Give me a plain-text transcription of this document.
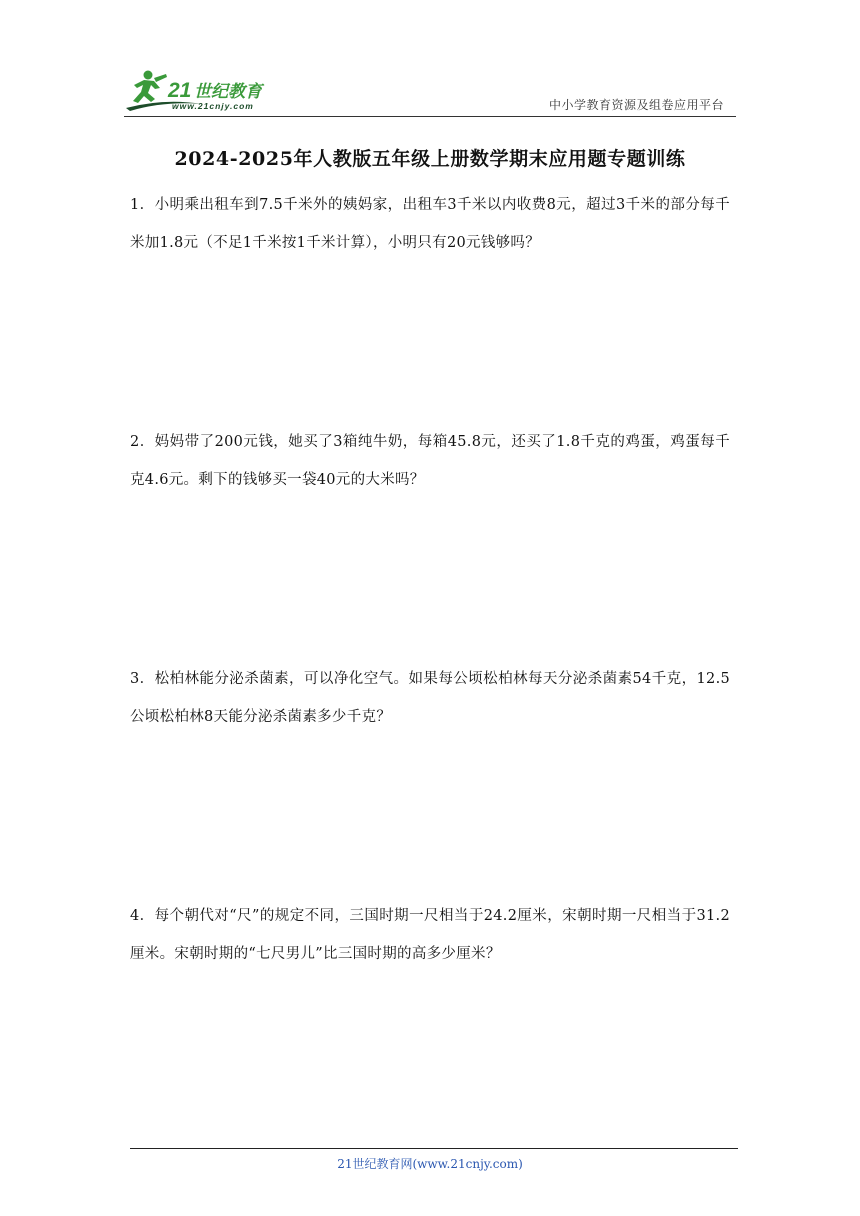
21 世纪教育
www.21cnjy.com	中小学教育资源及组卷应用平台
2024-2025年人教版五年级上册数学期末应用题专题训练
1．小明乘出租车到7.5千米外的姨妈家，出租车3千米以内收费8元，超过3千米的部分每千米加1.8元（不足1千米按1千米计算），小明只有20元钱够吗？
2．妈妈带了200元钱，她买了3箱纯牛奶，每箱45.8元，还买了1.8千克的鸡蛋，鸡蛋每千克4.6元。剩下的钱够买一袋40元的大米吗？
3．松柏林能分泌杀菌素，可以净化空气。如果每公顷松柏林每天分泌杀菌素54千克，12.5公顷松柏林8天能分泌杀菌素多少千克？
4．每个朝代对“尺”的规定不同，三国时期一尺相当于24.2厘米，宋朝时期一尺相当于31.2厘米。宋朝时期的“七尺男儿”比三国时期的高多少厘米？
21世纪教育网(www.21cnjy.com)
